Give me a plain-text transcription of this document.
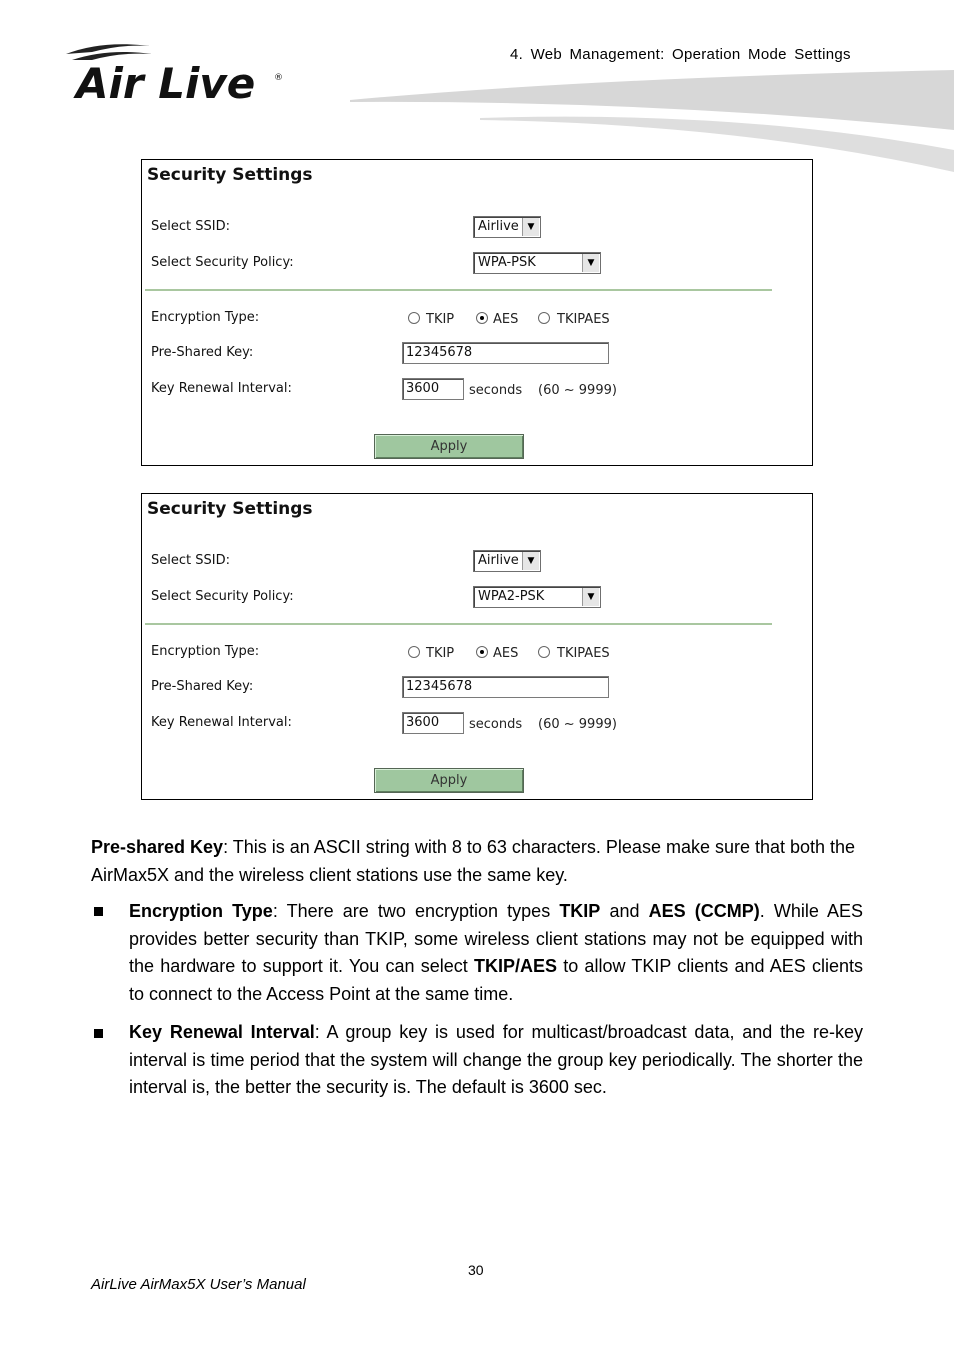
Air Live ®
4. Web Management: Operation Mode Settings
Security Settings
Select SSID:	Airlive ▼
Select Security Policy:	WPA-PSK	▼
Encryption Type:	TKIP	AES	TKIPAES
Pre-Shared Key:	12345678
Key Renewal Interval:	3600	seconds (60 ~ 9999)
Apply
Security Settings
Select SSID:	Airlive ▼
Select Security Policy:	WPA2-PSK	▼
Encryption Type:	TKIP	AES	TKIPAES
Pre-Shared Key:	12345678
Key Renewal Interval:	3600	seconds (60 ~ 9999)
Apply
Pre-shared Key: This is an ASCII string with 8 to 63 characters. Please make sure that both the AirMax5X and the wireless client stations use the same key.
Encryption Type: There are two encryption types TKIP and AES (CCMP). While AES provides better security than TKIP, some wireless client stations may not be equipped with the hardware to support it. You can select TKIP/AES to allow TKIP clients and AES clients to connect to the Access Point at the same time.
Key Renewal Interval: A group key is used for multicast/broadcast data, and the re-key interval is time period that the system will change the group key periodically. The shorter the interval is, the better the security is. The default is 3600 sec.
30
AirLive AirMax5X User’s Manual
